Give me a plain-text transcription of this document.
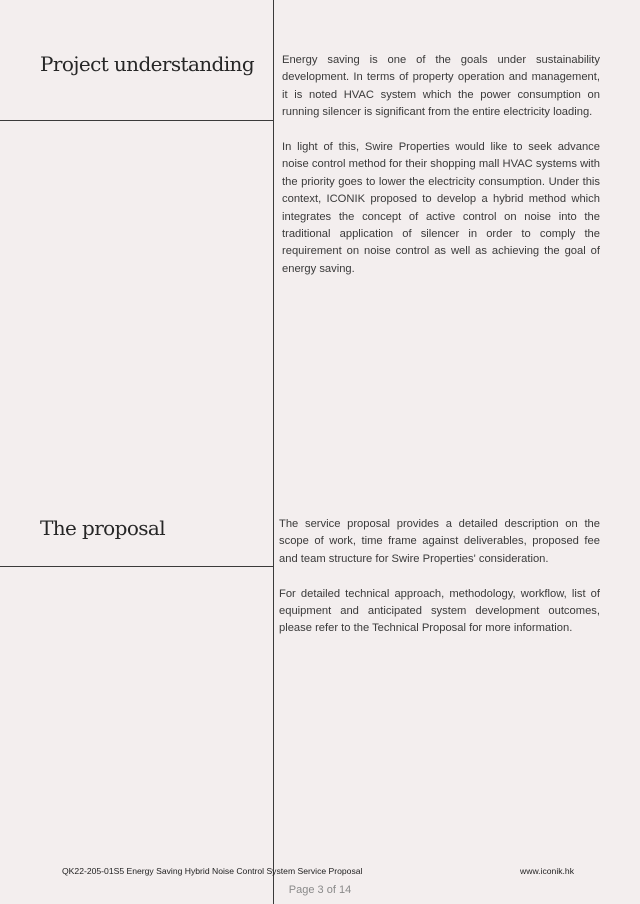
Project understanding Energy saving is one of the goals under sustainability development. In terms of property operation and management, it is noted HVAC system which the power consumption on running silencer is significant from the entire electricity loading.

In light of this, Swire Properties would like to seek advance noise control method for their shopping mall HVAC systems with the priority goes to lower the electricity consumption. Under this context, ICONIK proposed to develop a hybrid method which integrates the concept of active control on noise into the traditional application of silencer in order to comply the requirement on noise control as well as achieving the goal of energy saving.

The proposal	The service proposal provides a detailed description on the scope of work, time frame against deliverables, proposed fee and team structure for Swire Properties' consideration.

For detailed technical approach, methodology, workflow, list of equipment and anticipated system development outcomes, please refer to the Technical Proposal for more information.

QK22-205-01S5 Energy Saving Hybrid Noise Control System Service Proposal	www.iconik.hk
Page 3 of 14
